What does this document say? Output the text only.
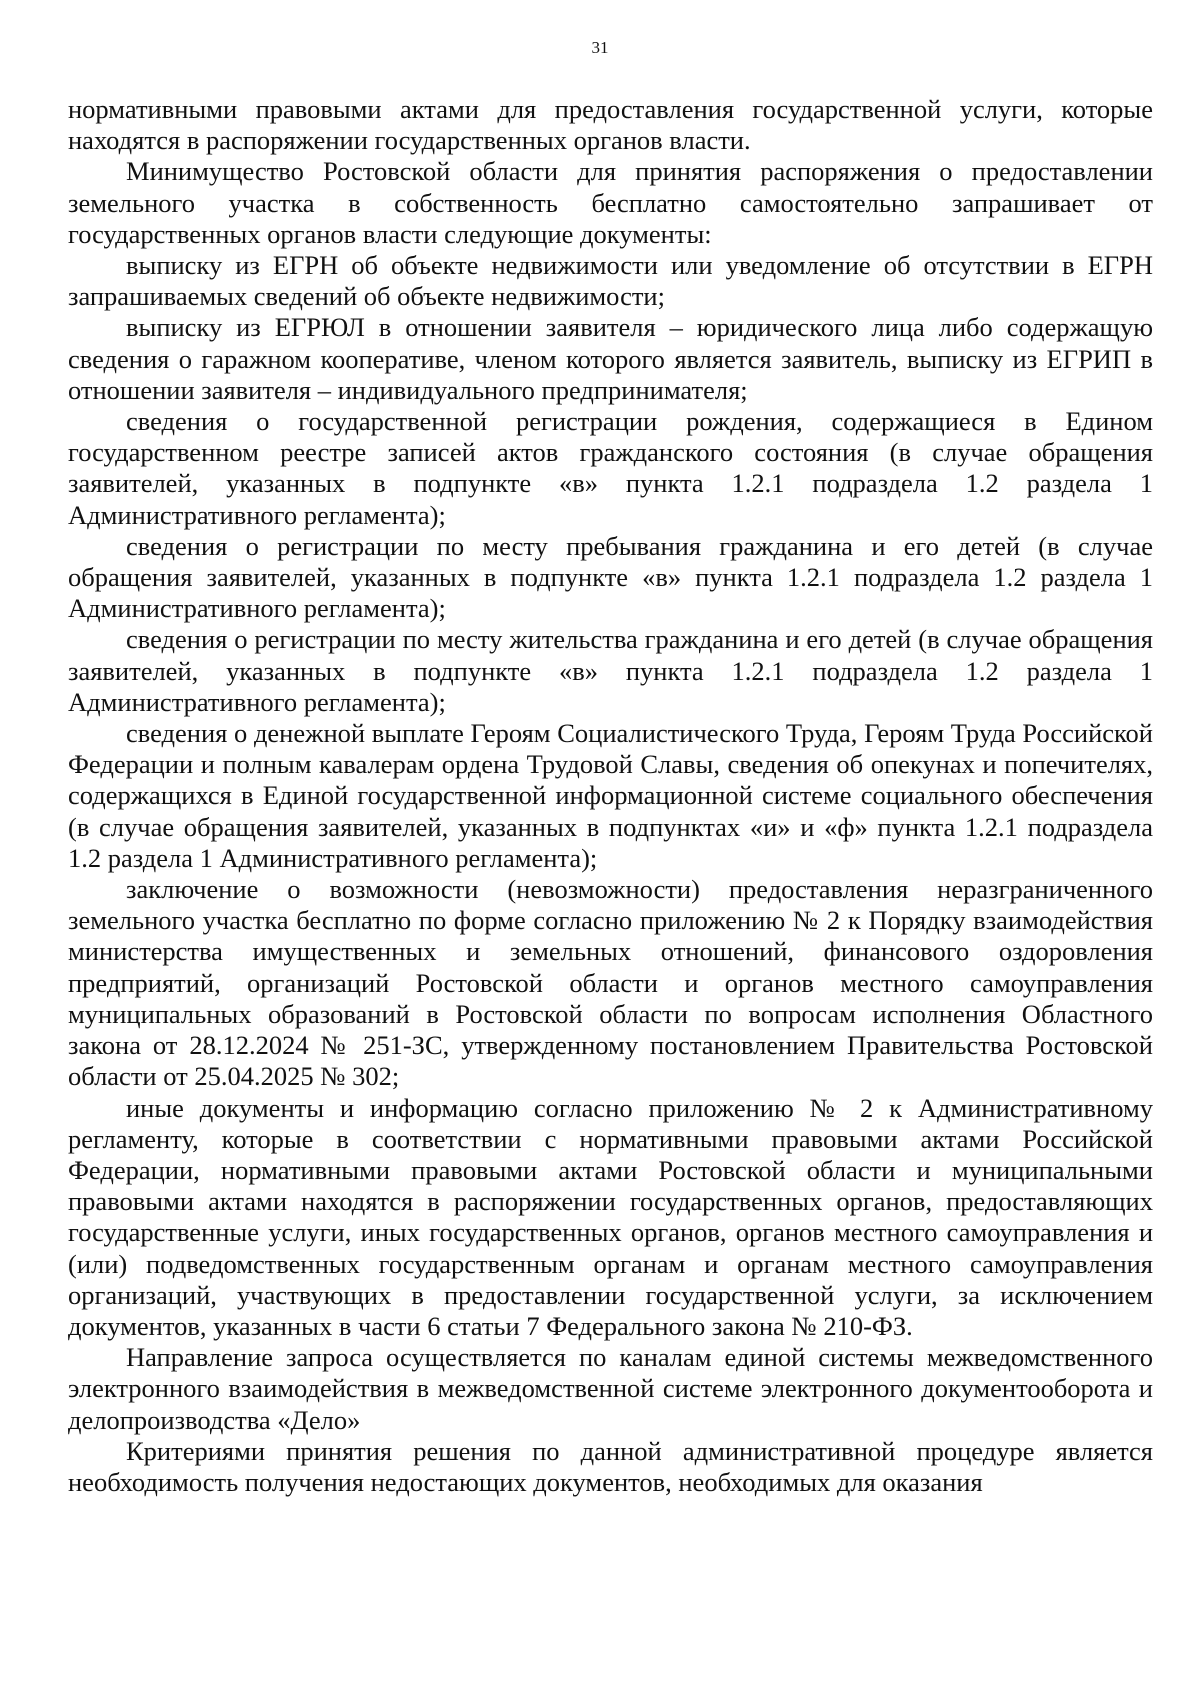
31

нормативными правовыми актами для предоставления государственной услуги, которые находятся в распоряжении государственных органов власти.

Минимущество Ростовской области для принятия распоряжения о предоставлении земельного участка в собственность бесплатно самостоятельно запрашивает от государственных органов власти следующие документы:

выписку из ЕГРН об объекте недвижимости или уведомление об отсутствии в ЕГРН запрашиваемых сведений об объекте недвижимости;

выписку из ЕГРЮЛ в отношении заявителя – юридического лица либо содержащую сведения о гаражном кооперативе, членом которого является заявитель, выписку из ЕГРИП в отношении заявителя – индивидуального предпринимателя;

сведения о государственной регистрации рождения, содержащиеся в Едином государственном реестре записей актов гражданского состояния (в случае обращения заявителей, указанных в подпункте «в» пункта 1.2.1 подраздела 1.2 раздела 1 Административного регламента);

сведения о регистрации по месту пребывания гражданина и его детей (в случае обращения заявителей, указанных в подпункте «в» пункта 1.2.1 подраздела 1.2 раздела 1 Административного регламента);

сведения о регистрации по месту жительства гражданина и его детей (в случае обращения заявителей, указанных в подпункте «в» пункта 1.2.1 подраздела 1.2 раздела 1 Административного регламента);

сведения о денежной выплате Героям Социалистического Труда, Героям Труда Российской Федерации и полным кавалерам ордена Трудовой Славы, сведения об опекунах и попечителях, содержащихся в Единой государственной информационной системе социального обеспечения (в случае обращения заявителей, указанных в подпунктах «и» и «ф» пункта 1.2.1 подраздела 1.2 раздела 1 Административного регламента);

заключение о возможности (невозможности) предоставления неразграниченного земельного участка бесплатно по форме согласно приложению № 2 к Порядку взаимодействия министерства имущественных и земельных отношений, финансового оздоровления предприятий, организаций Ростовской области и органов местного самоуправления муниципальных образований в Ростовской области по вопросам исполнения Областного закона от 28.12.2024 № 251-ЗС, утвержденному постановлением Правительства Ростовской области от 25.04.2025 № 302;

иные документы и информацию согласно приложению № 2 к Административному регламенту, которые в соответствии с нормативными правовыми актами Российской Федерации, нормативными правовыми актами Ростовской области и муниципальными правовыми актами находятся в распоряжении государственных органов, предоставляющих государственные услуги, иных государственных органов, органов местного самоуправления и (или) подведомственных государственным органам и органам местного самоуправления организаций, участвующих в предоставлении государственной услуги, за исключением документов, указанных в части 6 статьи 7 Федерального закона № 210-ФЗ.

Направление запроса осуществляется по каналам единой системы межведомственного электронного взаимодействия в межведомственной системе электронного документооборота и делопроизводства «Дело»

Критериями принятия решения по данной административной процедуре является необходимость получения недостающих документов, необходимых для оказания
